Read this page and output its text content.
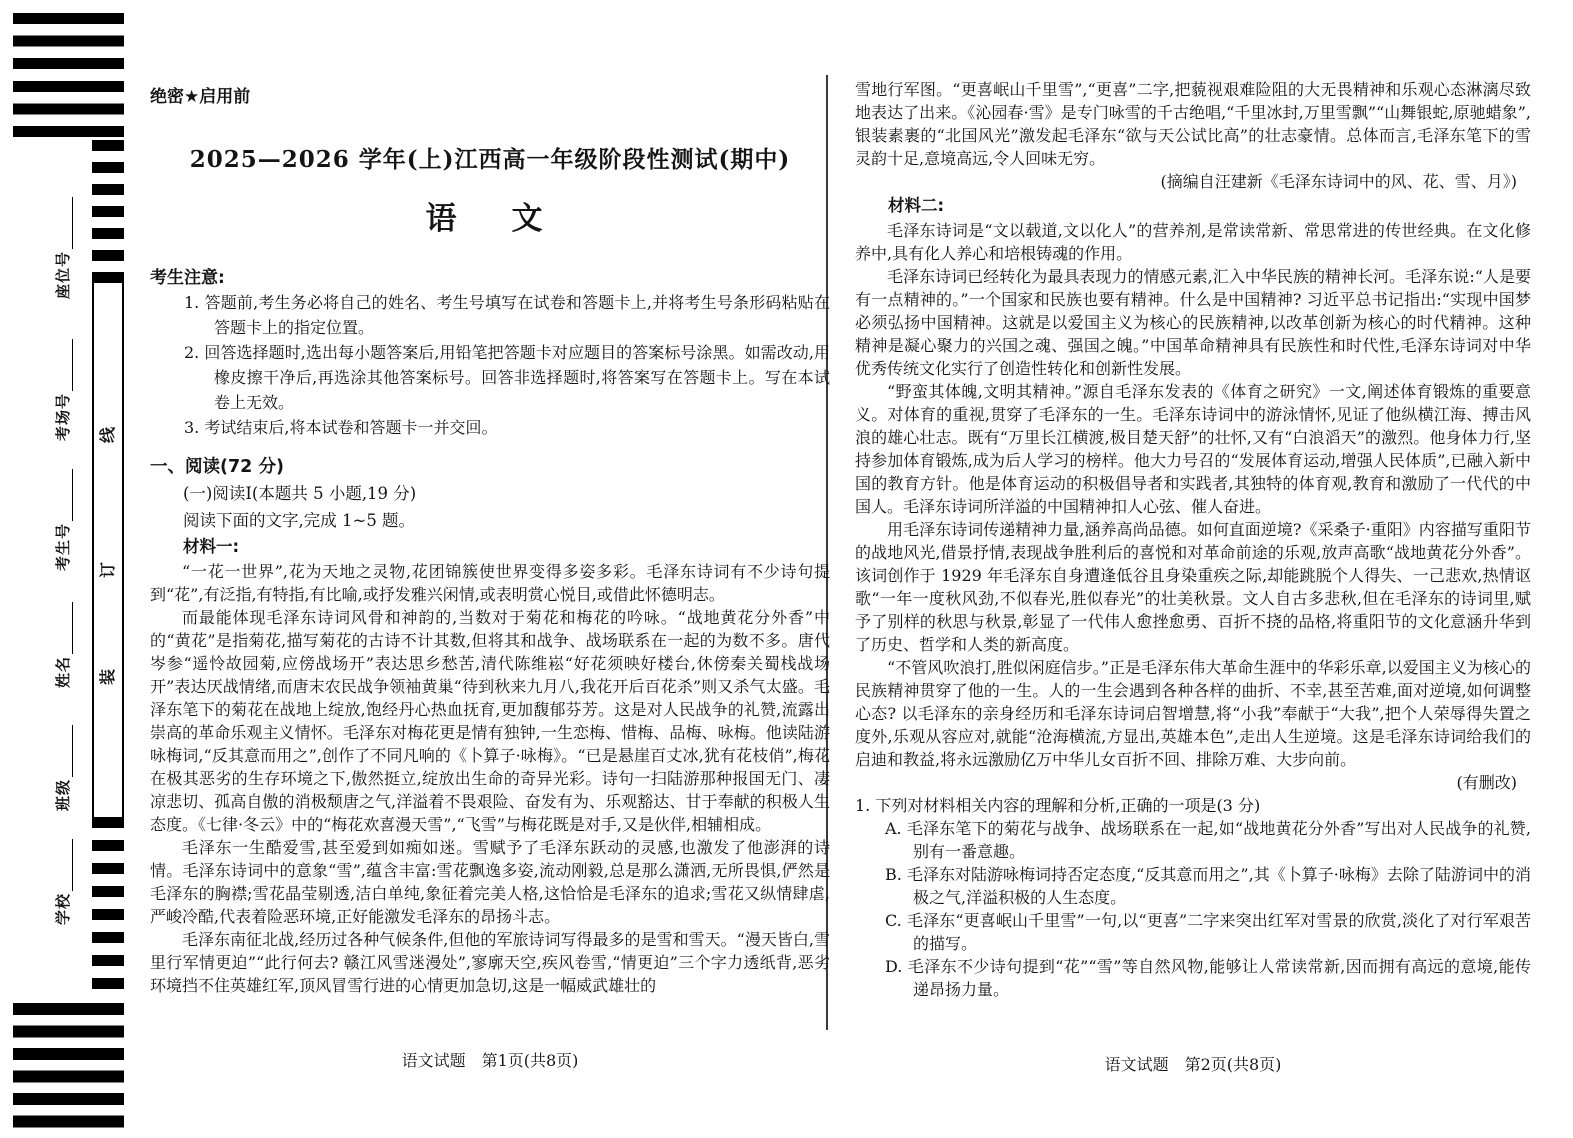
线
订
装
座位号
考场号
考生号
姓名
班级
学校
绝密★启用前
2025—2026 学年(上)江西高一年级阶段性测试(期中)
语　文
考生注意:
1. 答题前,考生务必将自己的姓名、考生号填写在试卷和答题卡上,并将考生号条形码粘贴在答题卡上的指定位置。
2. 回答选择题时,选出每小题答案后,用铅笔把答题卡对应题目的答案标号涂黑。如需改动,用橡皮擦干净后,再选涂其他答案标号。回答非选择题时,将答案写在答题卡上。写在本试卷上无效。
3. 考试结束后,将本试卷和答题卡一并交回。
一、阅读(72 分)
(一)阅读Ⅰ(本题共 5 小题,19 分)
阅读下面的文字,完成 1~5 题。
材料一:

“一花一世界”,花为天地之灵物,花团锦簇使世界变得多姿多彩。毛泽东诗词有不少诗句提到“花”,有泛指,有特指,有比喻,或抒发雅兴闲情,或表明赏心悦目,或借此怀德明志。

而最能体现毛泽东诗词风骨和神韵的,当数对于菊花和梅花的吟咏。“战地黄花分外香”中的“黄花”是指菊花,描写菊花的古诗不计其数,但将其和战争、战场联系在一起的为数不多。唐代岑参“遥怜故园菊,应傍战场开”表达思乡愁苦,清代陈维崧“好花须映好楼台,休傍秦关蜀栈战场开”表达厌战情绪,而唐末农民战争领袖黄巢“待到秋来九月八,我花开后百花杀”则又杀气太盛。毛泽东笔下的菊花在战地上绽放,饱经丹心热血抚育,更加馥郁芬芳。这是对人民战争的礼赞,流露出崇高的革命乐观主义情怀。毛泽东对梅花更是情有独钟,一生恋梅、惜梅、品梅、咏梅。他读陆游咏梅词,“反其意而用之”,创作了不同凡响的《卜算子·咏梅》。“已是悬崖百丈冰,犹有花枝俏”,梅花在极其恶劣的生存环境之下,傲然挺立,绽放出生命的奇异光彩。诗句一扫陆游那种报国无门、凄凉悲切、孤高自傲的消极颓唐之气,洋溢着不畏艰险、奋发有为、乐观豁达、甘于奉献的积极人生态度。《七律·冬云》中的“梅花欢喜漫天雪”,“飞雪”与梅花既是对手,又是伙伴,相辅相成。

毛泽东一生酷爱雪,甚至爱到如痴如迷。雪赋予了毛泽东跃动的灵感,也激发了他澎湃的诗情。毛泽东诗词中的意象“雪”,蕴含丰富:雪花飘逸多姿,流动刚毅,总是那么潇洒,无所畏惧,俨然是毛泽东的胸襟;雪花晶莹剔透,洁白单纯,象征着完美人格,这恰恰是毛泽东的追求;雪花又纵情肆虐,严峻冷酷,代表着险恶环境,正好能激发毛泽东的昂扬斗志。

毛泽东南征北战,经历过各种气候条件,但他的军旅诗词写得最多的是雪和雪天。“漫天皆白,雪里行军情更迫”“此行何去? 赣江风雪迷漫处”,寥廓天空,疾风卷雪,“情更迫”三个字力透纸背,恶劣环境挡不住英雄红军,顶风冒雪行进的心情更加急切,这是一幅威武雄壮的

语文试题　第1页(共8页)

雪地行军图。“更喜岷山千里雪”,“更喜”二字,把藐视艰难险阻的大无畏精神和乐观心态淋漓尽致地表达了出来。《沁园春·雪》是专门咏雪的千古绝唱,“千里冰封,万里雪飘”“山舞银蛇,原驰蜡象”,银装素裹的“北国风光”激发起毛泽东“欲与天公试比高”的壮志豪情。总体而言,毛泽东笔下的雪灵韵十足,意境高远,令人回味无穷。

(摘编自汪建新《毛泽东诗词中的风、花、雪、月》)
材料二:

毛泽东诗词是“文以载道,文以化人”的营养剂,是常读常新、常思常进的传世经典。在文化修养中,具有化人养心和培根铸魂的作用。

毛泽东诗词已经转化为最具表现力的情感元素,汇入中华民族的精神长河。毛泽东说:“人是要有一点精神的。”一个国家和民族也要有精神。什么是中国精神? 习近平总书记指出:“实现中国梦必须弘扬中国精神。这就是以爱国主义为核心的民族精神,以改革创新为核心的时代精神。这种精神是凝心聚力的兴国之魂、强国之魄。”中国革命精神具有民族性和时代性,毛泽东诗词对中华优秀传统文化实行了创造性转化和创新性发展。

“野蛮其体魄,文明其精神。”源自毛泽东发表的《体育之研究》一文,阐述体育锻炼的重要意义。对体育的重视,贯穿了毛泽东的一生。毛泽东诗词中的游泳情怀,见证了他纵横江海、搏击风浪的雄心壮志。既有“万里长江横渡,极目楚天舒”的壮怀,又有“白浪滔天”的激烈。他身体力行,坚持参加体育锻炼,成为后人学习的榜样。他大力号召的“发展体育运动,增强人民体质”,已融入新中国的教育方针。他是体育运动的积极倡导者和实践者,其独特的体育观,教育和激励了一代代的中国人。毛泽东诗词所洋溢的中国精神扣人心弦、催人奋进。

用毛泽东诗词传递精神力量,涵养高尚品德。如何直面逆境?《采桑子·重阳》内容描写重阳节的战地风光,借景抒情,表现战争胜利后的喜悦和对革命前途的乐观,放声高歌“战地黄花分外香”。该词创作于 1929 年毛泽东自身遭逢低谷且身染重疾之际,却能跳脱个人得失、一己悲欢,热情讴歌“一年一度秋风劲,不似春光,胜似春光”的壮美秋景。文人自古多悲秋,但在毛泽东的诗词里,赋予了别样的秋思与秋景,彰显了一代伟人愈挫愈勇、百折不挠的品格,将重阳节的文化意涵升华到了历史、哲学和人类的新高度。

“不管风吹浪打,胜似闲庭信步。”正是毛泽东伟大革命生涯中的华彩乐章,以爱国主义为核心的民族精神贯穿了他的一生。人的一生会遇到各种各样的曲折、不幸,甚至苦难,面对逆境,如何调整心态? 以毛泽东的亲身经历和毛泽东诗词启智增慧,将“小我”奉献于“大我”,把个人荣辱得失置之度外,乐观从容应对,就能“沧海横流,方显出,英雄本色”,走出人生逆境。这是毛泽东诗词给我们的启迪和教益,将永远激励亿万中华儿女百折不回、排除万难、大步向前。

(有删改)
1. 下列对材料相关内容的理解和分析,正确的一项是(3 分)
A. 毛泽东笔下的菊花与战争、战场联系在一起,如“战地黄花分外香”写出对人民战争的礼赞,别有一番意趣。
B. 毛泽东对陆游咏梅词持否定态度,“反其意而用之”,其《卜算子·咏梅》去除了陆游词中的消极之气,洋溢积极的人生态度。
C. 毛泽东“更喜岷山千里雪”一句,以“更喜”二字来突出红军对雪景的欣赏,淡化了对行军艰苦的描写。
D. 毛泽东不少诗句提到“花”“雪”等自然风物,能够让人常读常新,因而拥有高远的意境,能传递昂扬力量。
语文试题　第2页(共8页)
